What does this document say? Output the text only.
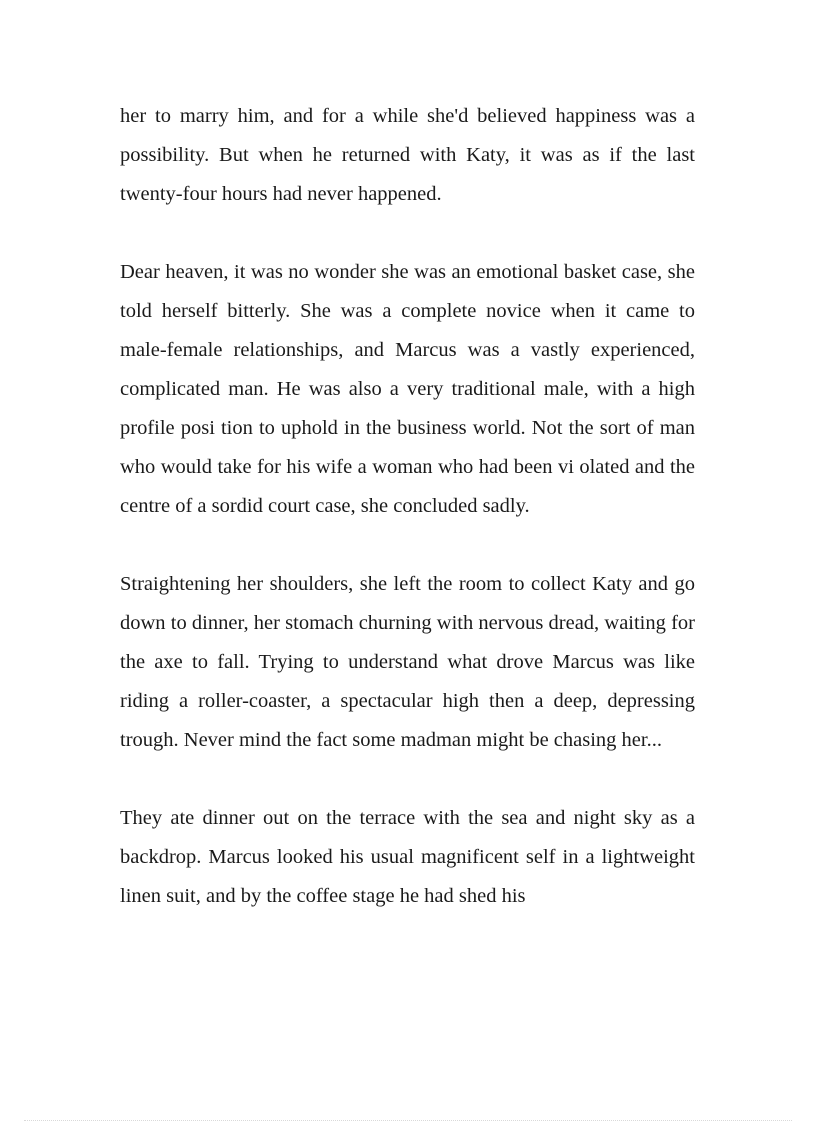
her to marry him, and for a while she'd believed happiness was a possibility. But when he returned with Katy, it was as if the last twenty-four hours had never happened.

Dear heaven, it was no wonder she was an emotional basket case, she told herself bitterly. She was a complete novice when it came to male-female relationships, and Marcus was a vastly experienced, complicated man. He was also a very traditional male, with a high profile posi tion to uphold in the business world. Not the sort of man who would take for his wife a woman who had been vi olated and the centre of a sordid court case, she concluded sadly.

Straightening her shoulders, she left the room to collect Katy and go down to dinner, her stomach churning with nervous dread, waiting for the axe to fall. Trying to understand what drove Marcus was like riding a roller-coaster, a spectacular high then a deep, depressing trough. Never mind the fact some madman might be chasing her...

They ate dinner out on the terrace with the sea and night sky as a backdrop. Marcus looked his usual magnificent self in a lightweight linen suit, and by the coffee stage he had shed his
